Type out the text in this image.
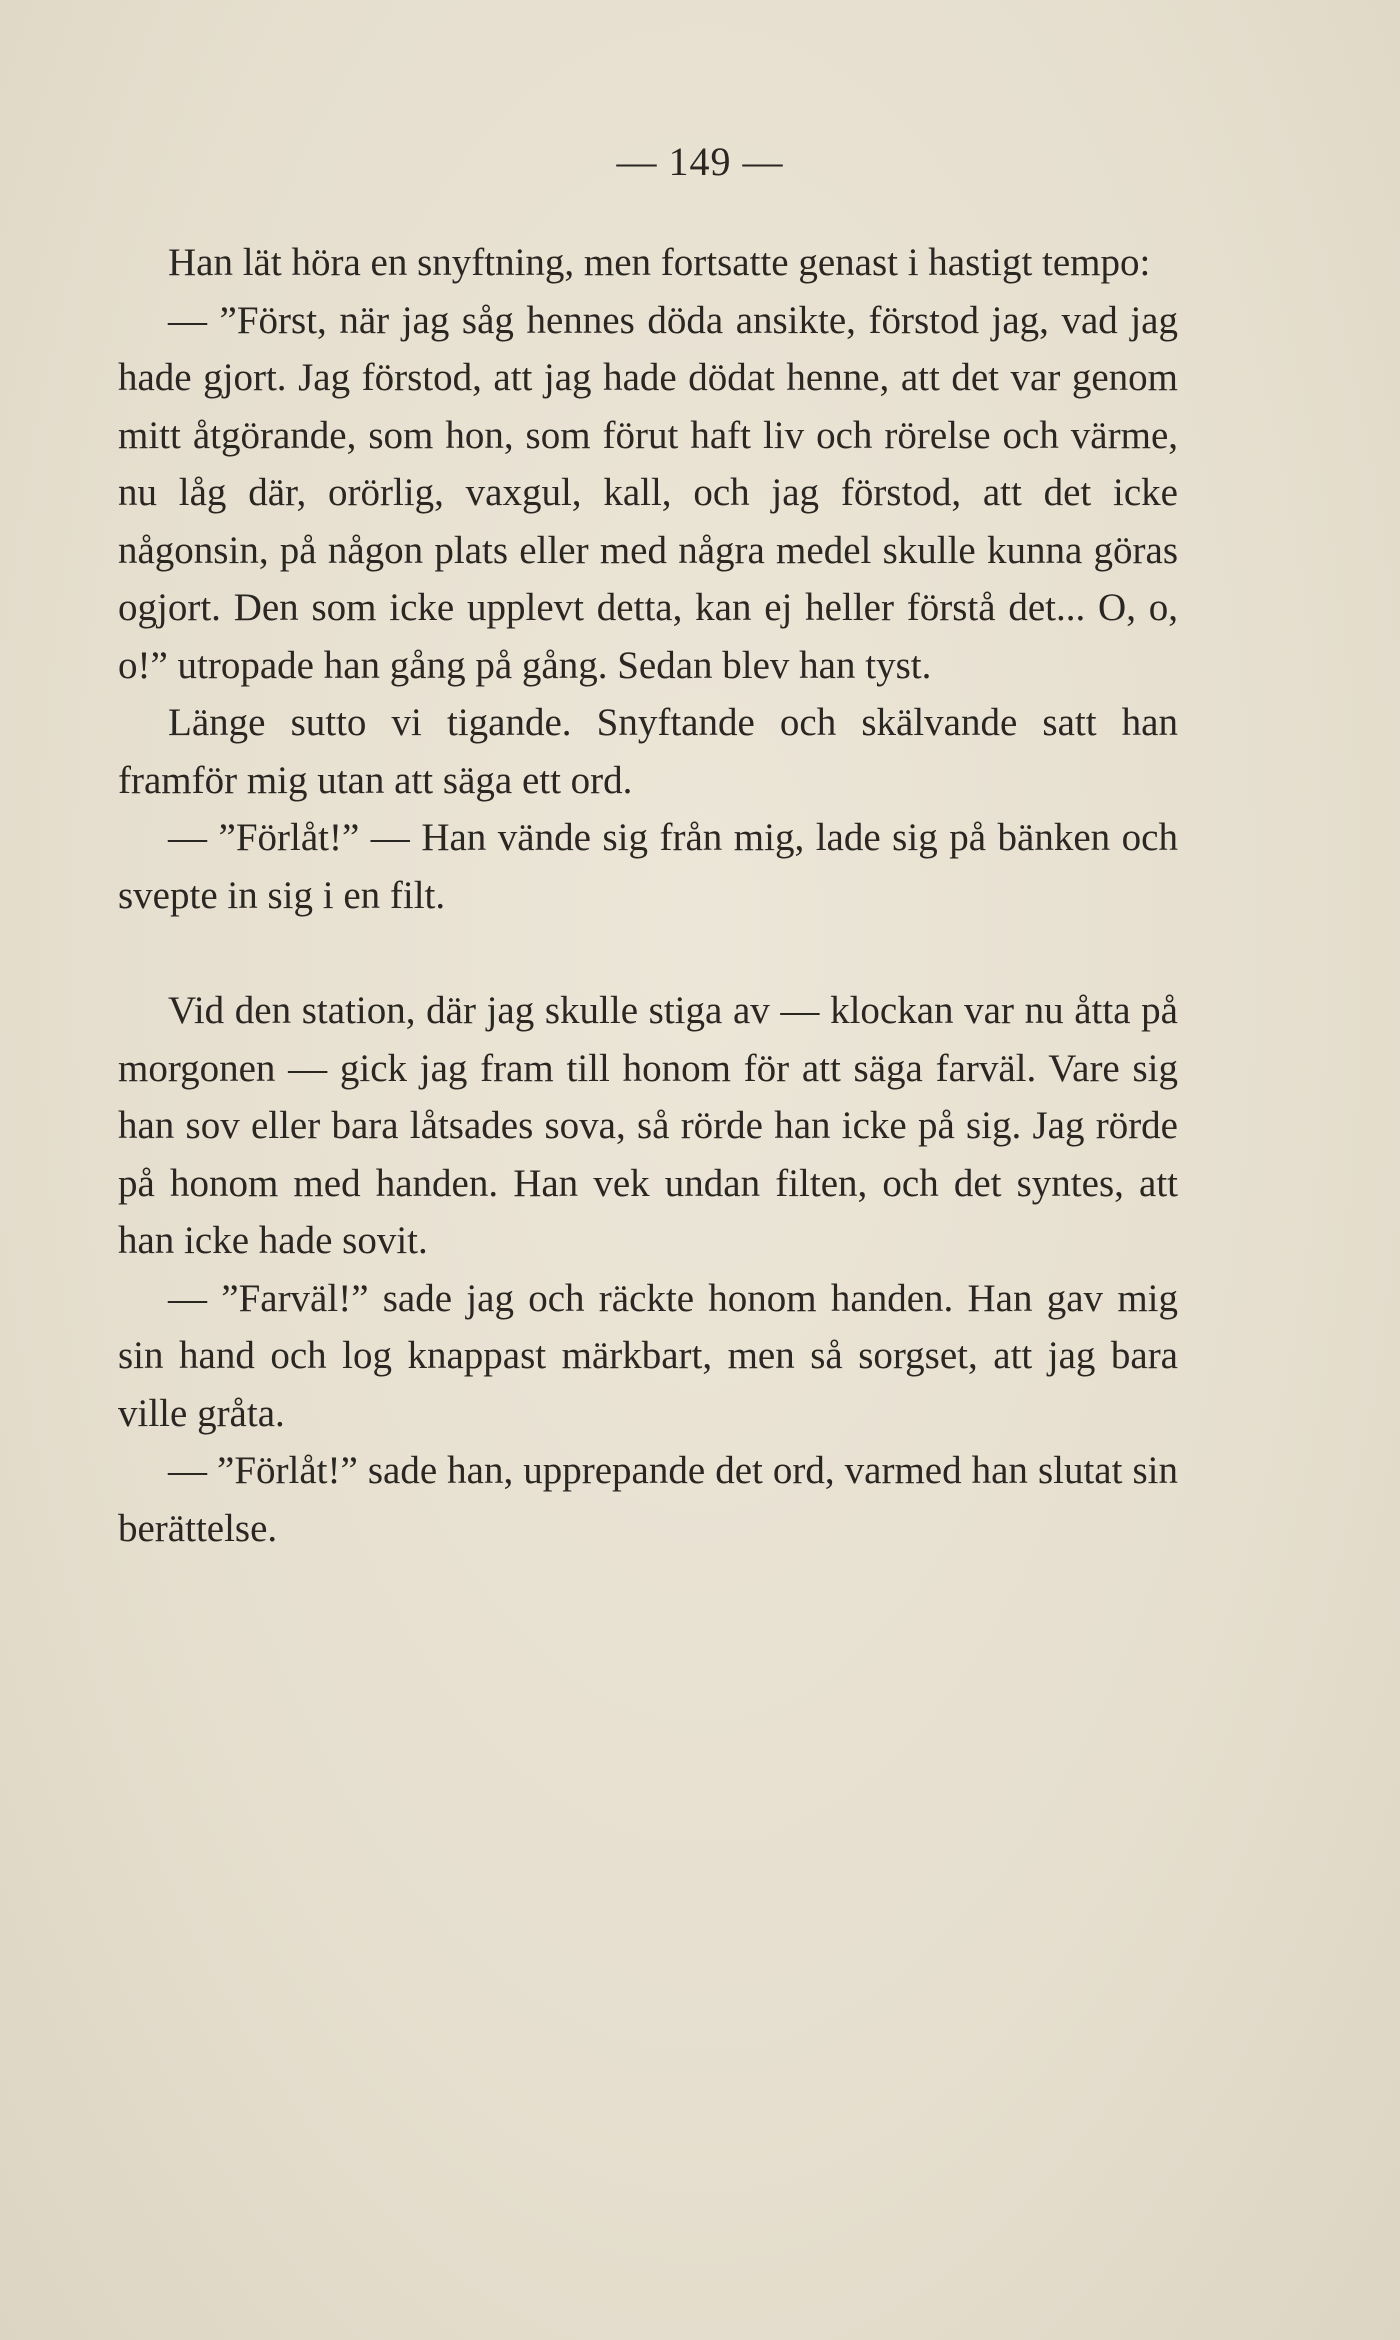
— 149 —

Han lät höra en snyftning, men fortsatte genast i hastigt tempo:

— ”Först, när jag såg hennes döda ansikte, förstod jag, vad jag hade gjort. Jag förstod, att jag hade dödat henne, att det var genom mitt åtgörande, som hon, som förut haft liv och rörelse och värme, nu låg där, orörlig, vaxgul, kall, och jag förstod, att det icke någonsin, på någon plats eller med några medel skulle kunna göras ogjort. Den som icke upplevt detta, kan ej heller förstå det... O, o, o!” utropade han gång på gång. Sedan blev han tyst.

Länge sutto vi tigande. Snyftande och skälvande satt han framför mig utan att säga ett ord.

— ”Förlåt!” — Han vände sig från mig, lade sig på bänken och svepte in sig i en filt.

Vid den station, där jag skulle stiga av — klockan var nu åtta på morgonen — gick jag fram till honom för att säga farväl. Vare sig han sov eller bara låtsades sova, så rörde han icke på sig. Jag rörde på honom med handen. Han vek undan filten, och det syntes, att han icke hade sovit.

— ”Farväl!” sade jag och räckte honom handen. Han gav mig sin hand och log knappast märkbart, men så sorgset, att jag bara ville gråta.

— ”Förlåt!” sade han, upprepande det ord, varmed han slutat sin berättelse.
